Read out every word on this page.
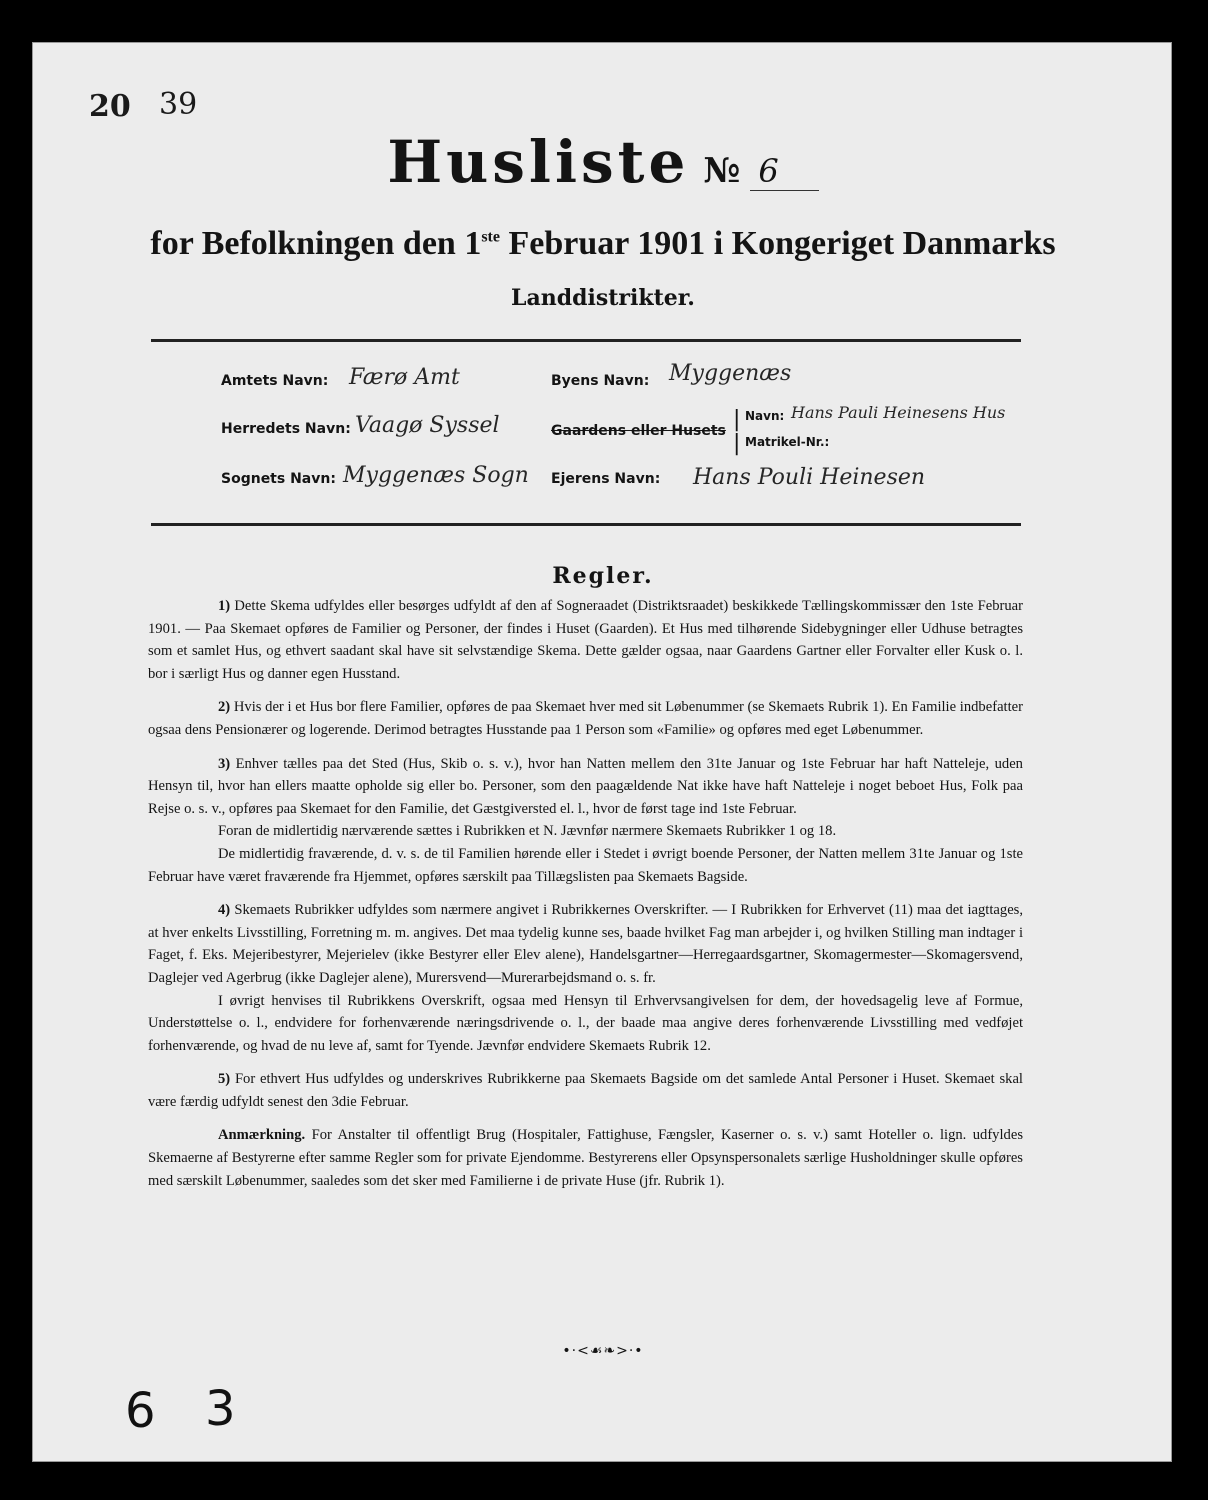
20 39
Husliste № 6
for Befolkningen den 1ste Februar 1901 i Kongeriget Danmarks
Landdistrikter.
Amtets Navn: Færø Amt
Herredets Navn: Vaagø Syssel
Sognets Navn: Myggenæs Sogn
Byens Navn: Myggenæs
Gaardens eller Husets |
|
Navn: Hans Pauli Heinesens Hus
Matrikel-Nr.:
Ejerens Navn: Hans Pouli Heinesen
Regler.

1) Dette Skema udfyldes eller besørges udfyldt af den af Sogneraadet (Distriktsraadet) beskikkede Tællingskommissær den 1ste Februar 1901. — Paa Skemaet opføres de Familier og Personer, der findes i Huset (Gaarden). Et Hus med tilhørende Sidebygninger eller Udhuse betragtes som et samlet Hus, og ethvert saadant skal have sit selvstændige Skema. Dette gælder ogsaa, naar Gaardens Gartner eller Forvalter eller Kusk o. l. bor i særligt Hus og danner egen Husstand.

2) Hvis der i et Hus bor flere Familier, opføres de paa Skemaet hver med sit Løbenummer (se Skemaets Rubrik 1). En Familie indbefatter ogsaa dens Pensionærer og logerende. Derimod betragtes Husstande paa 1 Person som «Familie» og opføres med eget Løbenummer.

3) Enhver tælles paa det Sted (Hus, Skib o. s. v.), hvor han Natten mellem den 31te Januar og 1ste Februar har haft Natteleje, uden Hensyn til, hvor han ellers maatte opholde sig eller bo. Personer, som den paagældende Nat ikke have haft Natteleje i noget beboet Hus, Folk paa Rejse o. s. v., opføres paa Skemaet for den Familie, det Gæstgiversted el. l., hvor de først tage ind 1ste Februar.

Foran de midlertidig nærværende sættes i Rubrikken et N. Jævnfør nærmere Skemaets Rubrikker 1 og 18.

De midlertidig fraværende, d. v. s. de til Familien hørende eller i Stedet i øvrigt boende Personer, der Natten mellem 31te Januar og 1ste Februar have været fraværende fra Hjemmet, opføres særskilt paa Tillægslisten paa Skemaets Bagside.

4) Skemaets Rubrikker udfyldes som nærmere angivet i Rubrikkernes Overskrifter. — I Rubrikken for Erhvervet (11) maa det iagttages, at hver enkelts Livsstilling, Forretning m. m. angives. Det maa tydelig kunne ses, baade hvilket Fag man arbejder i, og hvilken Stilling man indtager i Faget, f. Eks. Mejeribestyrer, Mejerielev (ikke Bestyrer eller Elev alene), Handelsgartner—Herregaardsgartner, Skomagermester—Skomagersvend, Daglejer ved Agerbrug (ikke Daglejer alene), Murersvend—Murerarbejdsmand o. s. fr.

I øvrigt henvises til Rubrikkens Overskrift, ogsaa med Hensyn til Erhvervsangivelsen for dem, der hovedsagelig leve af Formue, Understøttelse o. l., endvidere for forhenværende næringsdrivende o. l., der baade maa angive deres forhenværende Livsstilling med vedføjet forhenværende, og hvad de nu leve af, samt for Tyende. Jævnfør endvidere Skemaets Rubrik 12.

5) For ethvert Hus udfyldes og underskrives Rubrikkerne paa Skemaets Bagside om det samlede Antal Personer i Huset. Skemaet skal være færdig udfyldt senest den 3die Februar.

Anmærkning. For Anstalter til offentligt Brug (Hospitaler, Fattighuse, Fængsler, Kaserner o. s. v.) samt Hoteller o. lign. udfyldes Skemaerne af Bestyrerne efter samme Regler som for private Ejendomme. Bestyrerens eller Opsynspersonalets særlige Husholdninger skulle opføres med særskilt Løbenummer, saaledes som det sker med Familierne i de private Huse (jfr. Rubrik 1).

•·<☙❧>·•
6 3
